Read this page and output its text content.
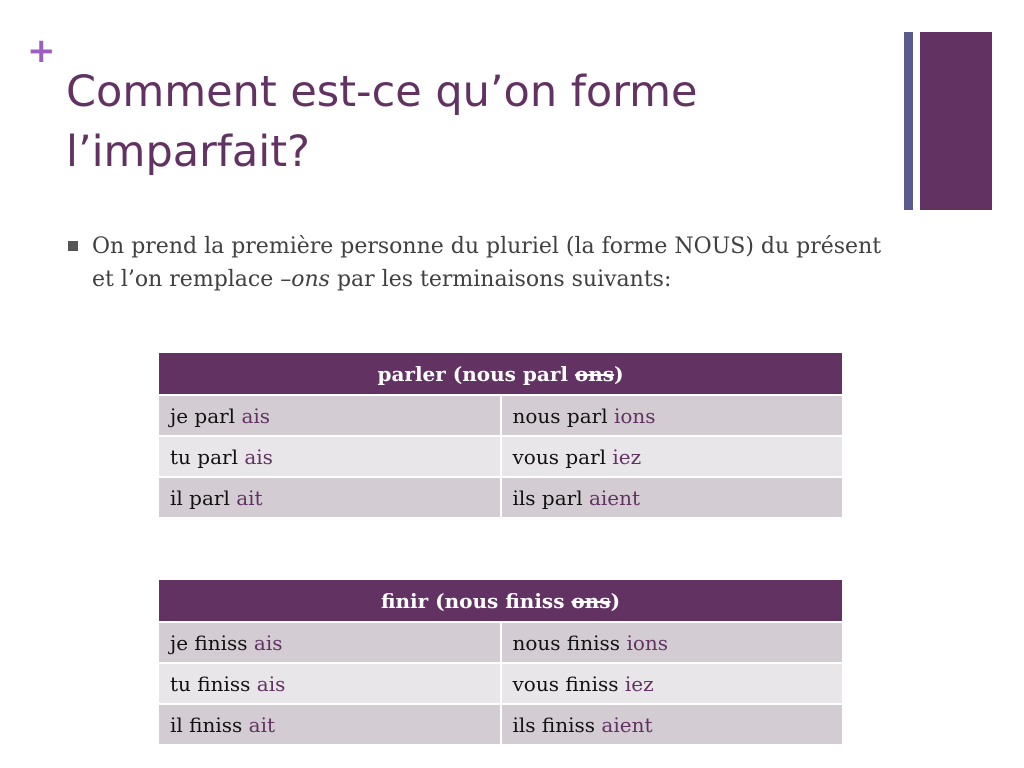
+
Comment est-ce qu’on forme
l’imparfait?

On prend la première personne du pluriel (la forme NOUS) du présent et l’on remplace –ons par les terminaisons suivants:

parler (nous parl ons)	
je parl ais	nous parl ions
tu parl ais	vous parl iez
il parl ait	ils parl aient
finir (nous finiss ons)	
je finiss ais	nous finiss ions
tu finiss ais	vous finiss iez
il finiss ait	ils finiss aient
